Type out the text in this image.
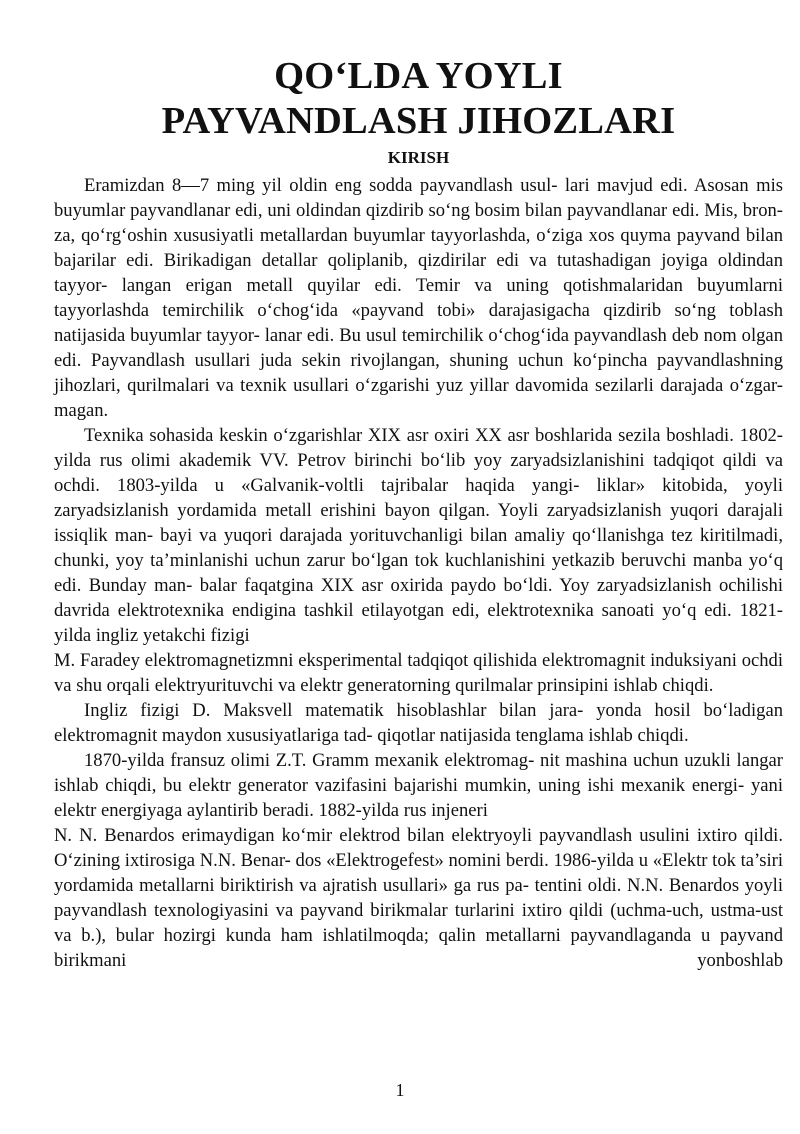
QO‘LDA YOYLI
PAYVANDLASH JIHOZLARI
KIRISH

Eramizdan 8—7 ming yil oldin eng sodda payvandlash usul- lari mavjud edi. Asosan mis buyumlar payvandlanar edi, uni oldindan qizdirib so‘ng bosim bilan payvandlanar edi. Mis, bron- za, qo‘rg‘oshin xususiyatli metallardan buyumlar tayyorlashda, o‘ziga xos quyma payvand bilan bajarilar edi. Birikadigan detallar qoliplanib, qizdirilar edi va tutashadigan joyiga oldindan tayyor- langan erigan metall quyilar edi. Temir va uning qotishmalaridan buyumlarni tayyorlashda temirchilik o‘chog‘ida «payvand tobi» darajasigacha qizdirib so‘ng toblash natijasida buyumlar tayyor- lanar edi. Bu usul temirchilik o‘chog‘ida payvandlash deb nom olgan edi. Payvandlash usullari juda sekin rivojlangan, shuning uchun ko‘pincha payvandlashning jihozlari, qurilmalari va texnik usullari o‘zgarishi yuz yillar davomida sezilarli darajada o‘zgar- magan.

Texnika sohasida keskin o‘zgarishlar XIX asr oxiri XX asr boshlarida sezila boshladi. 1802-yilda rus olimi akademik VV. Petrov birinchi bo‘lib yoy zaryadsizlanishini tadqiqot qildi va ochdi. 1803-yilda u «Galvanik-voltli tajribalar haqida yangi- liklar» kitobida, yoyli zaryadsizlanish yordamida metall erishini bayon qilgan. Yoyli zaryadsizlanish yuqori darajali issiqlik man- bayi va yuqori darajada yorituvchanligi bilan amaliy qo‘llanishga tez kiritilmadi, chunki, yoy ta’minlanishi uchun zarur bo‘lgan tok kuchlanishini yetkazib beruvchi manba yo‘q edi. Bunday man- balar faqatgina XIX asr oxirida paydo bo‘ldi. Yoy zaryadsizlanish ochilishi davrida elektrotexnika endigina tashkil etilayotgan edi, elektrotexnika sanoati yo‘q edi. 1821-yilda ingliz yetakchi fizigi

M. Faradey elektromagnetizmni eksperimental tadqiqot qilishida elektromagnit induksiyani ochdi va shu orqali elektryurituvchi va elektr generatorning qurilmalar prinsipini ishlab chiqdi.

Ingliz fizigi D. Maksvell matematik hisoblashlar bilan jara- yonda hosil bo‘ladigan elektromagnit maydon xususiyatlariga tad- qiqotlar natijasida tenglama ishlab chiqdi.

1870-yilda fransuz olimi Z.T. Gramm mexanik elektromag- nit mashina uchun uzukli langar ishlab chiqdi, bu elektr generator vazifasini bajarishi mumkin, uning ishi mexanik energi- yani elektr energiyaga aylantirib beradi. 1882-yilda rus injeneri

N. N. Benardos erimaydigan ko‘mir elektrod bilan elektryoyli payvandlash usulini ixtiro qildi. O‘zining ixtirosiga N.N. Benar- dos «Elektrogefest» nomini berdi. 1986-yilda u «Elektr tok ta’siri yordamida metallarni biriktirish va ajratish usullari» ga rus pa- tentini oldi. N.N. Benardos yoyli payvandlash texnologiyasini va payvand birikmalar turlarini ixtiro qildi (uchma-uch, ustma-ust va b.), bular hozirgi kunda ham ishlatilmoqda; qalin metallarni payvandlaganda u payvand birikmani yonboshlab

1
